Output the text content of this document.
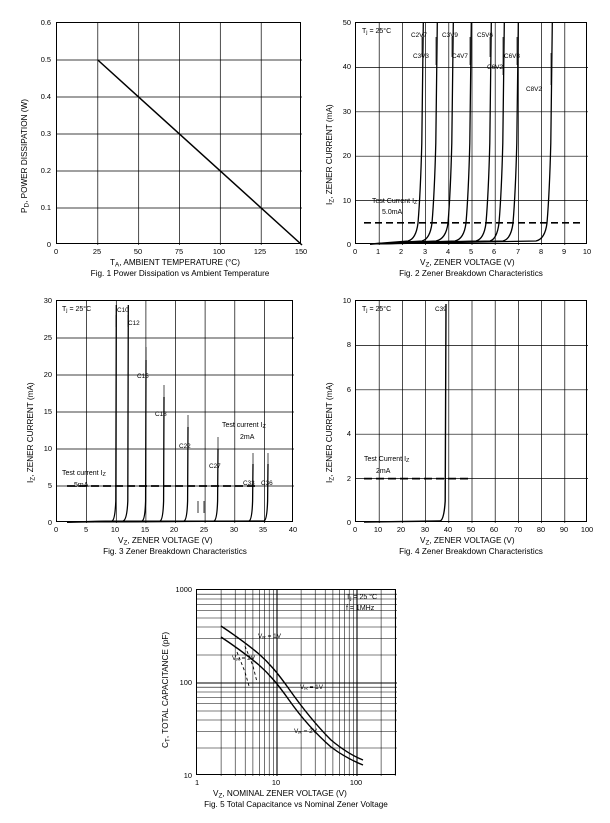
0	25	50	75	100	125	150
0.6
0.5
0.4
0.3
0.2
0.1
0
$T_A$, AMBIENT TEMPERATURE (°C)
$P_D$, POWER DISSIPATION (W)
Fig. 1 Power Dissipation vs Ambient Temperature
$T_j = 25^\circ C$
C2V7
C3V3
C3V9
C4V7
C5V6
C6V2
C6V8
C8V2
Test Current $I_Z$
5.0mA
0	1	2	3	4	5	6	7	8	9	10
50
40
30
20
10
0
$V_Z$, ZENER VOLTAGE (V)
$I_Z$, ZENER CURRENT (mA)
Fig. 2 Zener Breakdown Characteristics
$T_j = 25^\circ C$	C10
C12
C15
C18
C22
C27
C33 C36
Test current $I_Z$
5mA
Test current $I_Z$
2mA
0	5	10	15	20	25	30	35	40
30
25
20
15
10
5
0
$V_Z$, ZENER VOLTAGE (V)
$I_Z$, ZENER CURRENT (mA)
Fig. 3 Zener Breakdown Characteristics
$T_j = 25^\circ C$	C39
Test Current $I_Z$
2mA
0	10	20	30	40	50	60	70	80	90	100
10
8
6
4
2
0
$V_Z$, ZENER VOLTAGE (V)
$I_Z$, ZENER CURRENT (mA)
Fig. 4 Zener Breakdown Characteristics
$T_j = 25$ °C
f = 1MHz
$V_R = 1V$
$V_R = 2V$
$V_R = 1V$
$V_R = 2V$
1	10	100
1000
100
10
$V_Z$, NOMINAL ZENER VOLTAGE (V)
$C_T$, TOTAL CAPACITANCE (pF)
Fig. 5 Total Capacitance vs Nominal Zener Voltage
